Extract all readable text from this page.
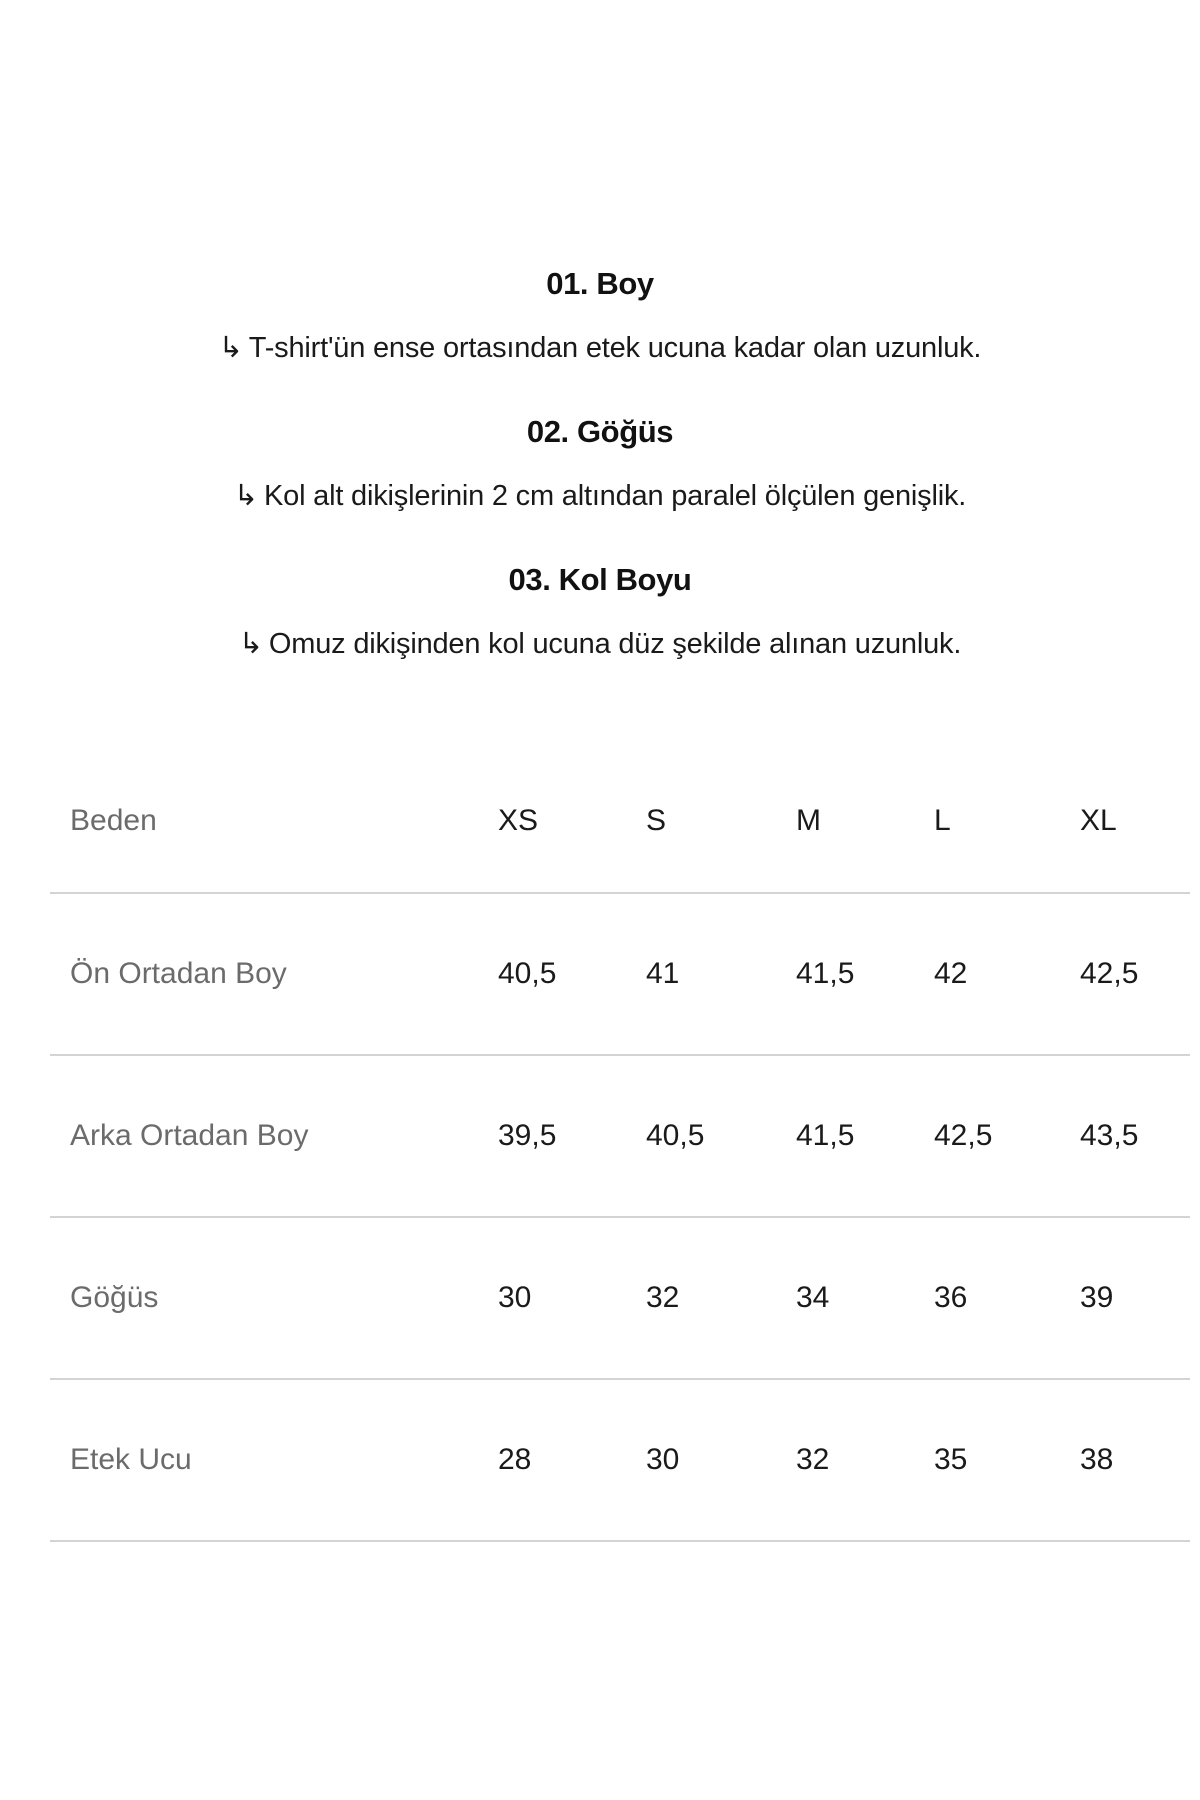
01. Boy
↳ T-shirt'ün ense ortasından etek ucuna kadar olan uzunluk.
02. Göğüs
↳ Kol alt dikişlerinin 2 cm altından paralel ölçülen genişlik.
03. Kol Boyu
↳ Omuz dikişinden kol ucuna düz şekilde alınan uzunluk.
Beden	XS	S	M	L	XL
Ön Ortadan Boy	40,5	41	41,5	42	42,5
Arka Ortadan Boy	39,5	40,5	41,5	42,5	43,5
Göğüs	30	32	34	36	39
Etek Ucu	28	30	32	35	38
